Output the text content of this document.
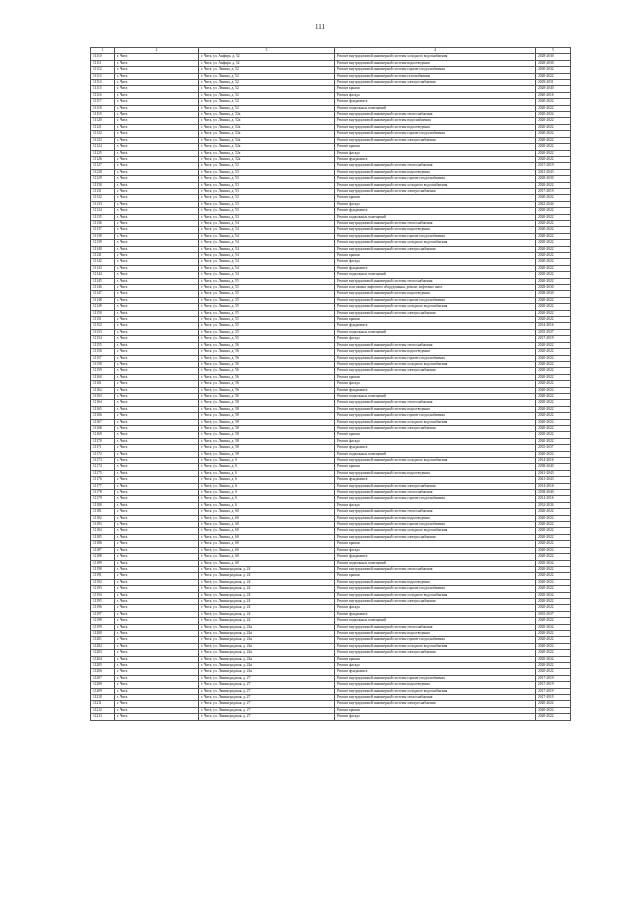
111
1	2	3	4	5
11110	г. Чита	г. Чита, ул. Анфира, д. 52	Ремонт внутридомовой инженерной системы холодного водоснабжения	2028-2030
11111	г. Чита	г. Чита, ул. Анфира, д. 52	Ремонт внутридомовой инженерной системы водоотведения	2028-2030
11112	г. Чита	г. Чита, ул. Ленина, д. 52	Ремонт внутридомовой инженерной системы горячего водоснабжения	2030-2032
11113	г. Чита	г. Чита, ул. Ленина, д. 52	Ремонт внутридомовой инженерной системы газоснабжения	2020-2022
11114	г. Чита	г. Чита, ул. Ленина, д. 52	Ремонт внутридомовой инженерной системы электроснабжения	2029-2031
11115	г. Чита	г. Чита, ул. Ленина, д. 52	Ремонт крыши	2028-2040
11116	г. Чита	г. Чита, ул. Ленина, д. 52	Ремонт фасада	2040-2016
11117	г. Чита	г. Чита, ул. Ленина, д. 52	Ремонт фундамента	2020-2022
11118	г. Чита	г. Чита, ул. Ленина, д. 52	Ремонт подвальных помещений	2020-2022
11119	г. Чита	г. Чита, ул. Ленина, д. 52а	Ремонт внутридомовой инженерной системы теплоснабжения	2020-2022
11120	г. Чита	г. Чита, ул. Ленина, д. 52а	Ремонт внутридомовой инженерной системы водоснабжения	2020-2022
11121	г. Чита	г. Чита, ул. Ленина, д. 52а	Ремонт внутридомовой инженерной системы водоотведения	2020-2022
11122	г. Чита	г. Чита, ул. Ленина, д. 52а	Ремонт внутридомовой инженерной системы горячего водоснабжения	2020-2022
11123	г. Чита	г. Чита, ул. Ленина, д. 52а	Ремонт внутридомовой инженерной системы электроснабжения	2020-2022
11124	г. Чита	г. Чита, ул. Ленина, д. 52а	Ремонт крыши	2020-2022
11125	г. Чита	г. Чита, ул. Ленина, д. 52а	Ремонт фасада	2020-2022
11126	г. Чита	г. Чита, ул. Ленина, д. 52а	Ремонт фундамента	2020-2022
11127	г. Чита	г. Чита, ул. Ленина, д. 53	Ремонт внутридомовой инженерной системы теплоснабжения	2017-2019
11128	г. Чита	г. Чита, ул. Ленина, д. 53	Ремонт внутридомовой инженерной системы водоотведения	2041-2043
11129	г. Чита	г. Чита, ул. Ленина, д. 53	Ремонт внутридомовой инженерной системы горячего водоснабжения	2028-2030
11130	г. Чита	г. Чита, ул. Ленина, д. 53	Ремонт внутридомовой инженерной системы холодного водоснабжения	2020-2022
11131	г. Чита	г. Чита, ул. Ленина, д. 53	Ремонт внутридомовой инженерной системы электроснабжения	2017-2019
11132	г. Чита	г. Чита, ул. Ленина, д. 53	Ремонт крыши	2020-2022
11133	г. Чита	г. Чита, ул. Ленина, д. 53	Ремонт фасада	2042-2044
11134	г. Чита	г. Чита, ул. Ленина, д. 53	Ремонт фундамента	2020-2022
11135	г. Чита	г. Чита, ул. Ленина, д. 53	Ремонт подвальных помещений	2020-2022
11136	г. Чита	г. Чита, ул. Ленина, д. 54	Ремонт внутридомовой инженерной системы теплоснабжения	2020-2022
11137	г. Чита	г. Чита, ул. Ленина, д. 54	Ремонт внутридомовой инженерной системы водоотведения	2020-2022
11138	г. Чита	г. Чита, ул. Ленина, д. 54	Ремонт внутридомовой инженерной системы горячего водоснабжения	2020-2022
11139	г. Чита	г. Чита, ул. Ленина, д. 54	Ремонт внутридомовой инженерной системы холодного водоснабжения	2020-2022
11140	г. Чита	г. Чита, ул. Ленина, д. 54	Ремонт внутридомовой инженерной системы электроснабжения	2020-2022
11141	г. Чита	г. Чита, ул. Ленина, д. 54	Ремонт крыши	2020-2022
11142	г. Чита	г. Чита, ул. Ленина, д. 54	Ремонт фасада	2020-2022
11143	г. Чита	г. Чита, ул. Ленина, д. 54	Ремонт фундамента	2020-2022
11144	г. Чита	г. Чита, ул. Ленина, д. 54	Ремонт подвальных помещений	2020-2022
11145	г. Чита	г. Чита, ул. Ленина, д. 55	Ремонт внутридомовой инженерной системы теплоснабжения	2020-2022
11146	г. Чита	г. Чита, ул. Ленина, д. 55	Ремонт или замена лифтового оборудования, ремонт лифтовых шахт	2028-2030
11147	г. Чита	г. Чита, ул. Ленина, д. 55	Ремонт внутридомовой инженерной системы водоотведения	2028-2030
11148	г. Чита	г. Чита, ул. Ленина, д. 55	Ремонт внутридомовой инженерной системы горячего водоснабжения	2020-2022
11149	г. Чита	г. Чита, ул. Ленина, д. 55	Ремонт внутридомовой инженерной системы холодного водоснабжения	2020-2022
11150	г. Чита	г. Чита, ул. Ленина, д. 55	Ремонт внутридомовой инженерной системы электроснабжения	2020-2022
11151	г. Чита	г. Чита, ул. Ленина, д. 55	Ремонт крыши	2020-2022
11152	г. Чита	г. Чита, ул. Ленина, д. 55	Ремонт фундамента	2014-2016
11153	г. Чита	г. Чита, ул. Ленина, д. 55	Ремонт подвальных помещений	2035-2037
11154	г. Чита	г. Чита, ул. Ленина, д. 55	Ремонт фасада	2017-2019
11155	г. Чита	г. Чита, ул. Ленина, д. 56	Ремонт внутридомовой инженерной системы теплоснабжения	2020-2022
11156	г. Чита	г. Чита, ул. Ленина, д. 56	Ремонт внутридомовой инженерной системы водоотведения	2020-2022
11157	г. Чита	г. Чита, ул. Ленина, д. 56	Ремонт внутридомовой инженерной системы горячего водоснабжения	2020-2022
11158	г. Чита	г. Чита, ул. Ленина, д. 56	Ремонт внутридомовой инженерной системы холодного водоснабжения	2020-2022
11159	г. Чита	г. Чита, ул. Ленина, д. 56	Ремонт внутридомовой инженерной системы электроснабжения	2020-2022
11160	г. Чита	г. Чита, ул. Ленина, д. 56	Ремонт крыши	2020-2022
11161	г. Чита	г. Чита, ул. Ленина, д. 56	Ремонт фасада	2020-2022
11162	г. Чита	г. Чита, ул. Ленина, д. 56	Ремонт фундамента	2020-2022
11163	г. Чита	г. Чита, ул. Ленина, д. 56	Ремонт подвальных помещений	2020-2022
11164	г. Чита	г. Чита, ул. Ленина, д. 58	Ремонт внутридомовой инженерной системы теплоснабжения	2020-2022
11165	г. Чита	г. Чита, ул. Ленина, д. 58	Ремонт внутридомовой инженерной системы водоотведения	2020-2022
11166	г. Чита	г. Чита, ул. Ленина, д. 58	Ремонт внутридомовой инженерной системы горячего водоснабжения	2020-2022
11167	г. Чита	г. Чита, ул. Ленина, д. 58	Ремонт внутридомовой инженерной системы холодного водоснабжения	2020-2022
11168	г. Чита	г. Чита, ул. Ленина, д. 58	Ремонт внутридомовой инженерной системы электроснабжения	2020-2022
11169	г. Чита	г. Чита, ул. Ленина, д. 58	Ремонт крыши	2020-2022
11170	г. Чита	г. Чита, ул. Ленина, д. 58	Ремонт фасада	2020-2022
11171	г. Чита	г. Чита, ул. Ленина, д. 58	Ремонт фундамента	2035-2037
11172	г. Чита	г. Чита, ул. Ленина, д. 58	Ремонт подвальных помещений	2020-2022
11173	г. Чита	г. Чита, ул. Ленина, д. 6	Ремонт внутридомовой инженерной системы холодного водоснабжения	2014-2016
11174	г. Чита	г. Чита, ул. Ленина, д. 6	Ремонт крыши	2038-2040
11175	г. Чита	г. Чита, ул. Ленина, д. 6	Ремонт внутридомовой инженерной системы водоотведения	2041-2043
11176	г. Чита	г. Чита, ул. Ленина, д. 6	Ремонт фундамента	2041-2043
11177	г. Чита	г. Чита, ул. Ленина, д. 6	Ремонт внутридомовой инженерной системы электроснабжения	2014-2016
11178	г. Чита	г. Чита, ул. Ленина, д. 6	Ремонт внутридомовой инженерной системы теплоснабжения	2038-2040
11179	г. Чита	г. Чита, ул. Ленина, д. 6	Ремонт внутридомовой инженерной системы горячего водоснабжения	2014-2016
11180	г. Чита	г. Чита, ул. Ленина, д. 6	Ремонт фасада	2032-2034
11181	г. Чита	г. Чита, ул. Ленина, д. 60	Ремонт внутридомовой инженерной системы теплоснабжения	2020-2022
11182	г. Чита	г. Чита, ул. Ленина, д. 60	Ремонт внутридомовой инженерной системы водоотведения	2020-2022
11183	г. Чита	г. Чита, ул. Ленина, д. 60	Ремонт внутридомовой инженерной системы горячего водоснабжения	2020-2022
11184	г. Чита	г. Чита, ул. Ленина, д. 60	Ремонт внутридомовой инженерной системы холодного водоснабжения	2020-2022
11185	г. Чита	г. Чита, ул. Ленина, д. 60	Ремонт внутридомовой инженерной системы электроснабжения	2020-2022
11186	г. Чита	г. Чита, ул. Ленина, д. 60	Ремонт крыши	2020-2022
11187	г. Чита	г. Чита, ул. Ленина, д. 60	Ремонт фасада	2020-2022
11188	г. Чита	г. Чита, ул. Ленина, д. 60	Ремонт фундамента	2020-2022
11189	г. Чита	г. Чита, ул. Ленина, д. 60	Ремонт подвальных помещений	2020-2022
11190	г. Чита	г. Чита, ул. Ленинградская, д. 24	Ремонт внутридомовой инженерной системы теплоснабжения	2020-2022
11191	г. Чита	г. Чита, ул. Ленинградская, д. 24	Ремонт крыши	2020-2022
11192	г. Чита	г. Чита, ул. Ленинградская, д. 24	Ремонт внутридомовой инженерной системы водоотведения	2020-2022
11193	г. Чита	г. Чита, ул. Ленинградская, д. 24	Ремонт внутридомовой инженерной системы горячего водоснабжения	2020-2022
11194	г. Чита	г. Чита, ул. Ленинградская, д. 24	Ремонт внутридомовой инженерной системы холодного водоснабжения	2020-2022
11195	г. Чита	г. Чита, ул. Ленинградская, д. 24	Ремонт внутридомовой инженерной системы электроснабжения	2020-2022
11196	г. Чита	г. Чита, ул. Ленинградская, д. 24	Ремонт фасада	2020-2022
11197	г. Чита	г. Чита, ул. Ленинградская, д. 24	Ремонт фундамента	2035-2037
11198	г. Чита	г. Чита, ул. Ленинградская, д. 24	Ремонт подвальных помещений	2020-2022
11199	г. Чита	г. Чита, ул. Ленинградская, д. 24а	Ремонт внутридомовой инженерной системы теплоснабжения	2020-2022
11200	г. Чита	г. Чита, ул. Ленинградская, д. 24а	Ремонт внутридомовой инженерной системы водоотведения	2020-2022
11201	г. Чита	г. Чита, ул. Ленинградская, д. 24а	Ремонт внутридомовой инженерной системы горячего водоснабжения	2020-2022
11202	г. Чита	г. Чита, ул. Ленинградская, д. 24а	Ремонт внутридомовой инженерной системы холодного водоснабжения	2020-2022
11203	г. Чита	г. Чита, ул. Ленинградская, д. 24а	Ремонт внутридомовой инженерной системы электроснабжения	2020-2022
11204	г. Чита	г. Чита, ул. Ленинградская, д. 24а	Ремонт крыши	2020-2022
11205	г. Чита	г. Чита, ул. Ленинградская, д. 24а	Ремонт фасада	2020-2022
11206	г. Чита	г. Чита, ул. Ленинградская, д. 24а	Ремонт фундамента	2020-2022
11207	г. Чита	г. Чита, ул. Ленинградская, д. 27	Ремонт внутридомовой инженерной системы горячего водоснабжения	2017-2019
11208	г. Чита	г. Чита, ул. Ленинградская, д. 27	Ремонт внутридомовой инженерной системы водоотведения	2017-2019
11209	г. Чита	г. Чита, ул. Ленинградская, д. 27	Ремонт внутридомовой инженерной системы холодного водоснабжения	2017-2019
11210	г. Чита	г. Чита, ул. Ленинградская, д. 27	Ремонт внутридомовой инженерной системы теплоснабжения	2017-2019
11211	г. Чита	г. Чита, ул. Ленинградская, д. 27	Ремонт внутридомовой инженерной системы электроснабжения	2020-2022
11212	г. Чита	г. Чита, ул. Ленинградская, д. 27	Ремонт крыши	2020-2022
11213	г. Чита	г. Чита, ул. Ленинградская, д. 27	Ремонт фасада	2020-2022
